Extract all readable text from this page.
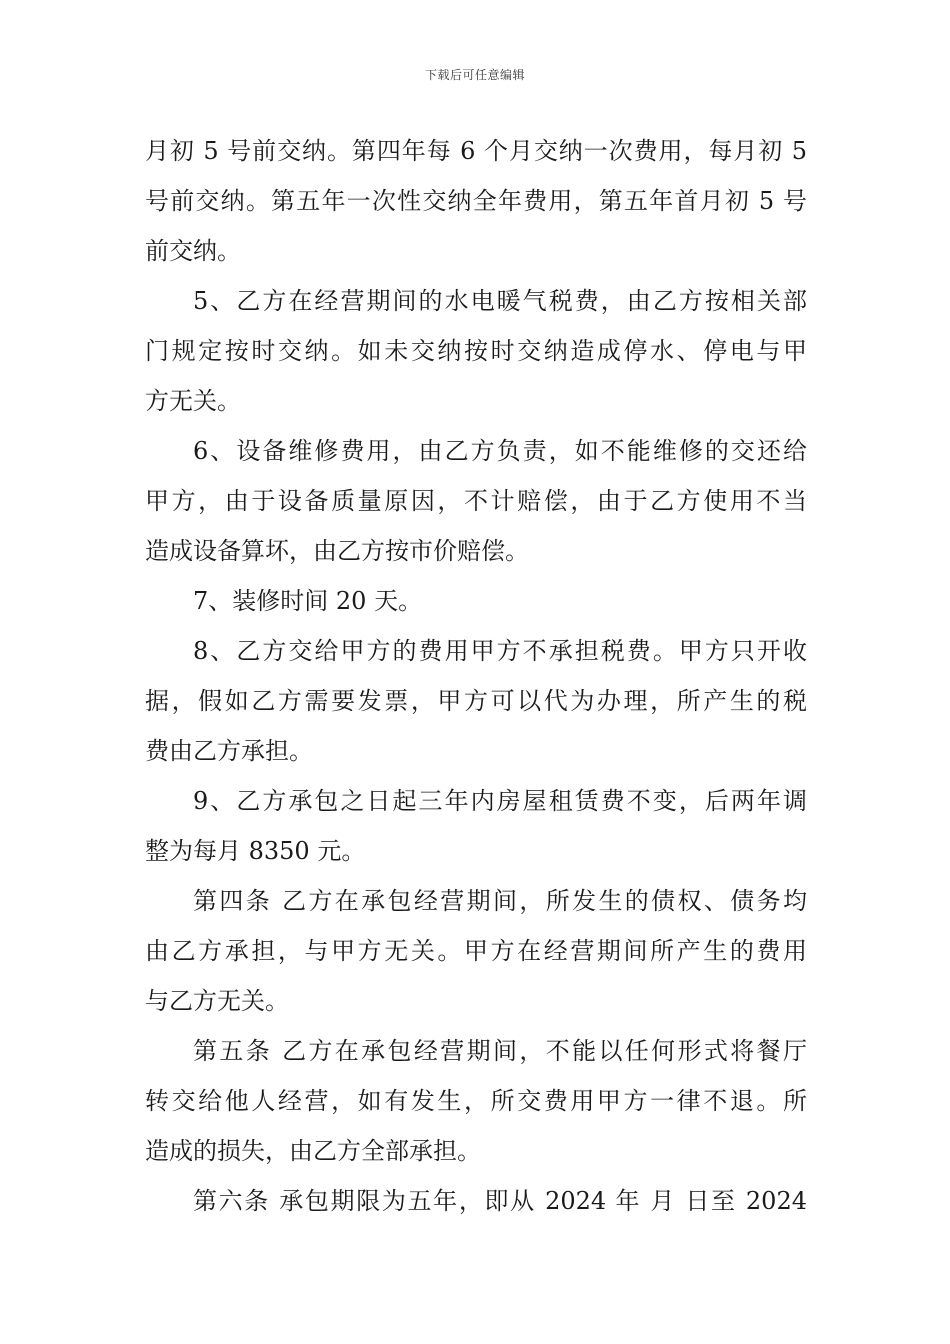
下载后可任意编辑
月初 5 号前交纳。第四年每 6 个月交纳一次费用，每月初 5
号前交纳。第五年一次性交纳全年费用，第五年首月初 5 号
前交纳。
5、乙方在经营期间的水电暖气税费，由乙方按相关部
门规定按时交纳。如未交纳按时交纳造成停水、停电与甲
方无关。
6、设备维修费用，由乙方负责，如不能维修的交还给
甲方，由于设备质量原因，不计赔偿，由于乙方使用不当
造成设备算坏，由乙方按市价赔偿。
7、装修时间 20 天。
8、乙方交给甲方的费用甲方不承担税费。甲方只开收
据，假如乙方需要发票，甲方可以代为办理，所产生的税
费由乙方承担。
9、乙方承包之日起三年内房屋租赁费不变，后两年调
整为每月 8350 元。
第四条 乙方在承包经营期间，所发生的债权、债务均
由乙方承担，与甲方无关。甲方在经营期间所产生的费用
与乙方无关。
第五条 乙方在承包经营期间，不能以任何形式将餐厅
转交给他人经营，如有发生，所交费用甲方一律不退。所
造成的损失，由乙方全部承担。
第六条 承包期限为五年，即从 2024 年 月 日至 2024
